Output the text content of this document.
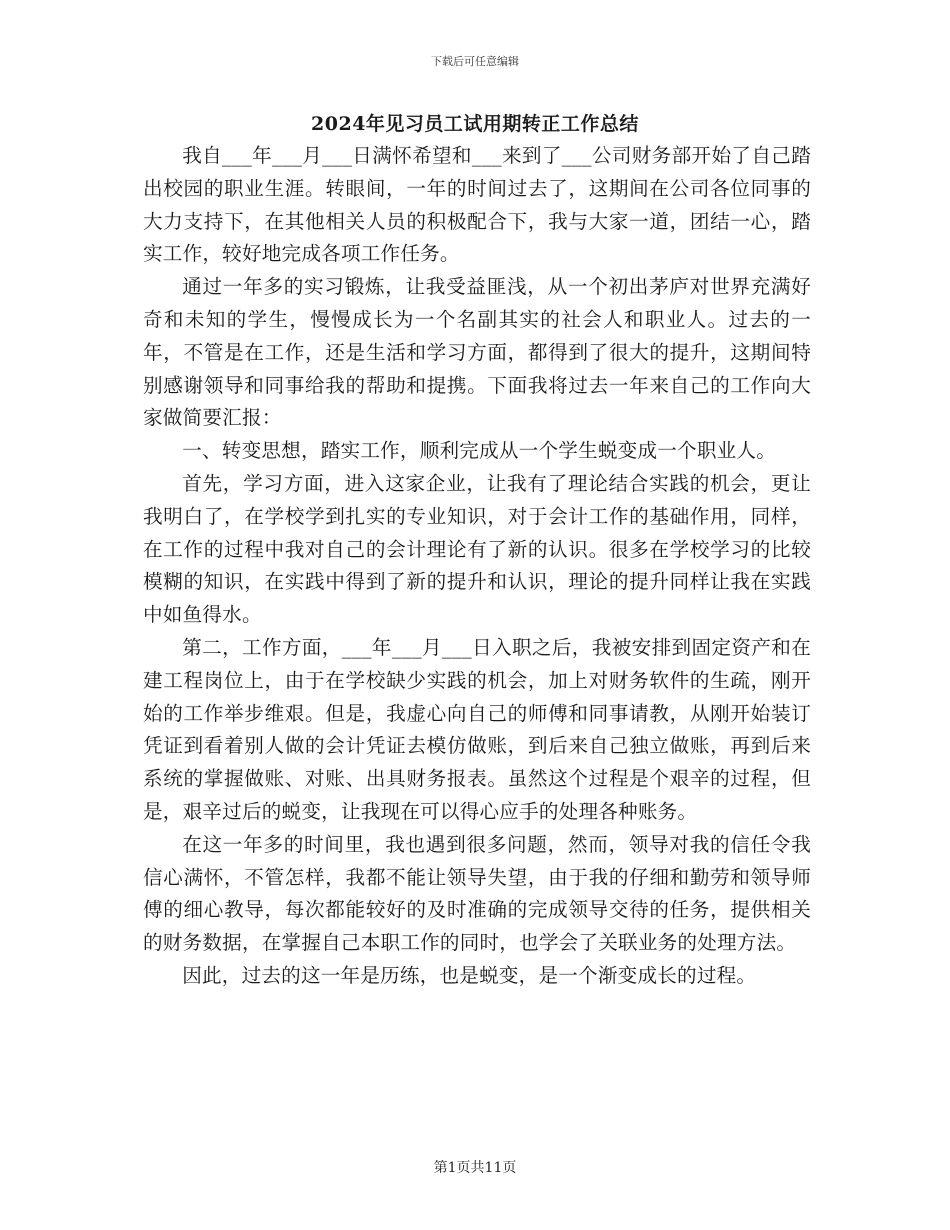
下载后可任意编辑
2024年见习员工试用期转正工作总结

我自___年___月___日满怀希望和___来到了___公司财务部开始了自己踏出校园的职业生涯。转眼间，一年的时间过去了，这期间在公司各位同事的大力支持下，在其他相关人员的积极配合下，我与大家一道，团结一心，踏实工作，较好地完成各项工作任务。

通过一年多的实习锻炼，让我受益匪浅，从一个初出茅庐对世界充满好奇和未知的学生，慢慢成长为一个名副其实的社会人和职业人。过去的一年，不管是在工作，还是生活和学习方面，都得到了很大的提升，这期间特别感谢领导和同事给我的帮助和提携。下面我将过去一年来自己的工作向大家做简要汇报：

一、转变思想，踏实工作，顺利完成从一个学生蜕变成一个职业人。

首先，学习方面，进入这家企业，让我有了理论结合实践的机会，更让我明白了，在学校学到扎实的专业知识，对于会计工作的基础作用，同样，在工作的过程中我对自己的会计理论有了新的认识。很多在学校学习的比较模糊的知识，在实践中得到了新的提升和认识，理论的提升同样让我在实践中如鱼得水。

第二，工作方面，___年___月___日入职之后，我被安排到固定资产和在建工程岗位上，由于在学校缺少实践的机会，加上对财务软件的生疏，刚开始的工作举步维艰。但是，我虚心向自己的师傅和同事请教，从刚开始装订凭证到看着别人做的会计凭证去模仿做账，到后来自己独立做账，再到后来系统的掌握做账、对账、出具财务报表。虽然这个过程是个艰辛的过程，但是，艰辛过后的蜕变，让我现在可以得心应手的处理各种账务。

在这一年多的时间里，我也遇到很多问题，然而，领导对我的信任令我信心满怀，不管怎样，我都不能让领导失望，由于我的仔细和勤劳和领导师傅的细心教导，每次都能较好的及时准确的完成领导交待的任务，提供相关的财务数据，在掌握自己本职工作的同时，也学会了关联业务的处理方法。

因此，过去的这一年是历练，也是蜕变，是一个渐变成长的过程。

第1页共11页
